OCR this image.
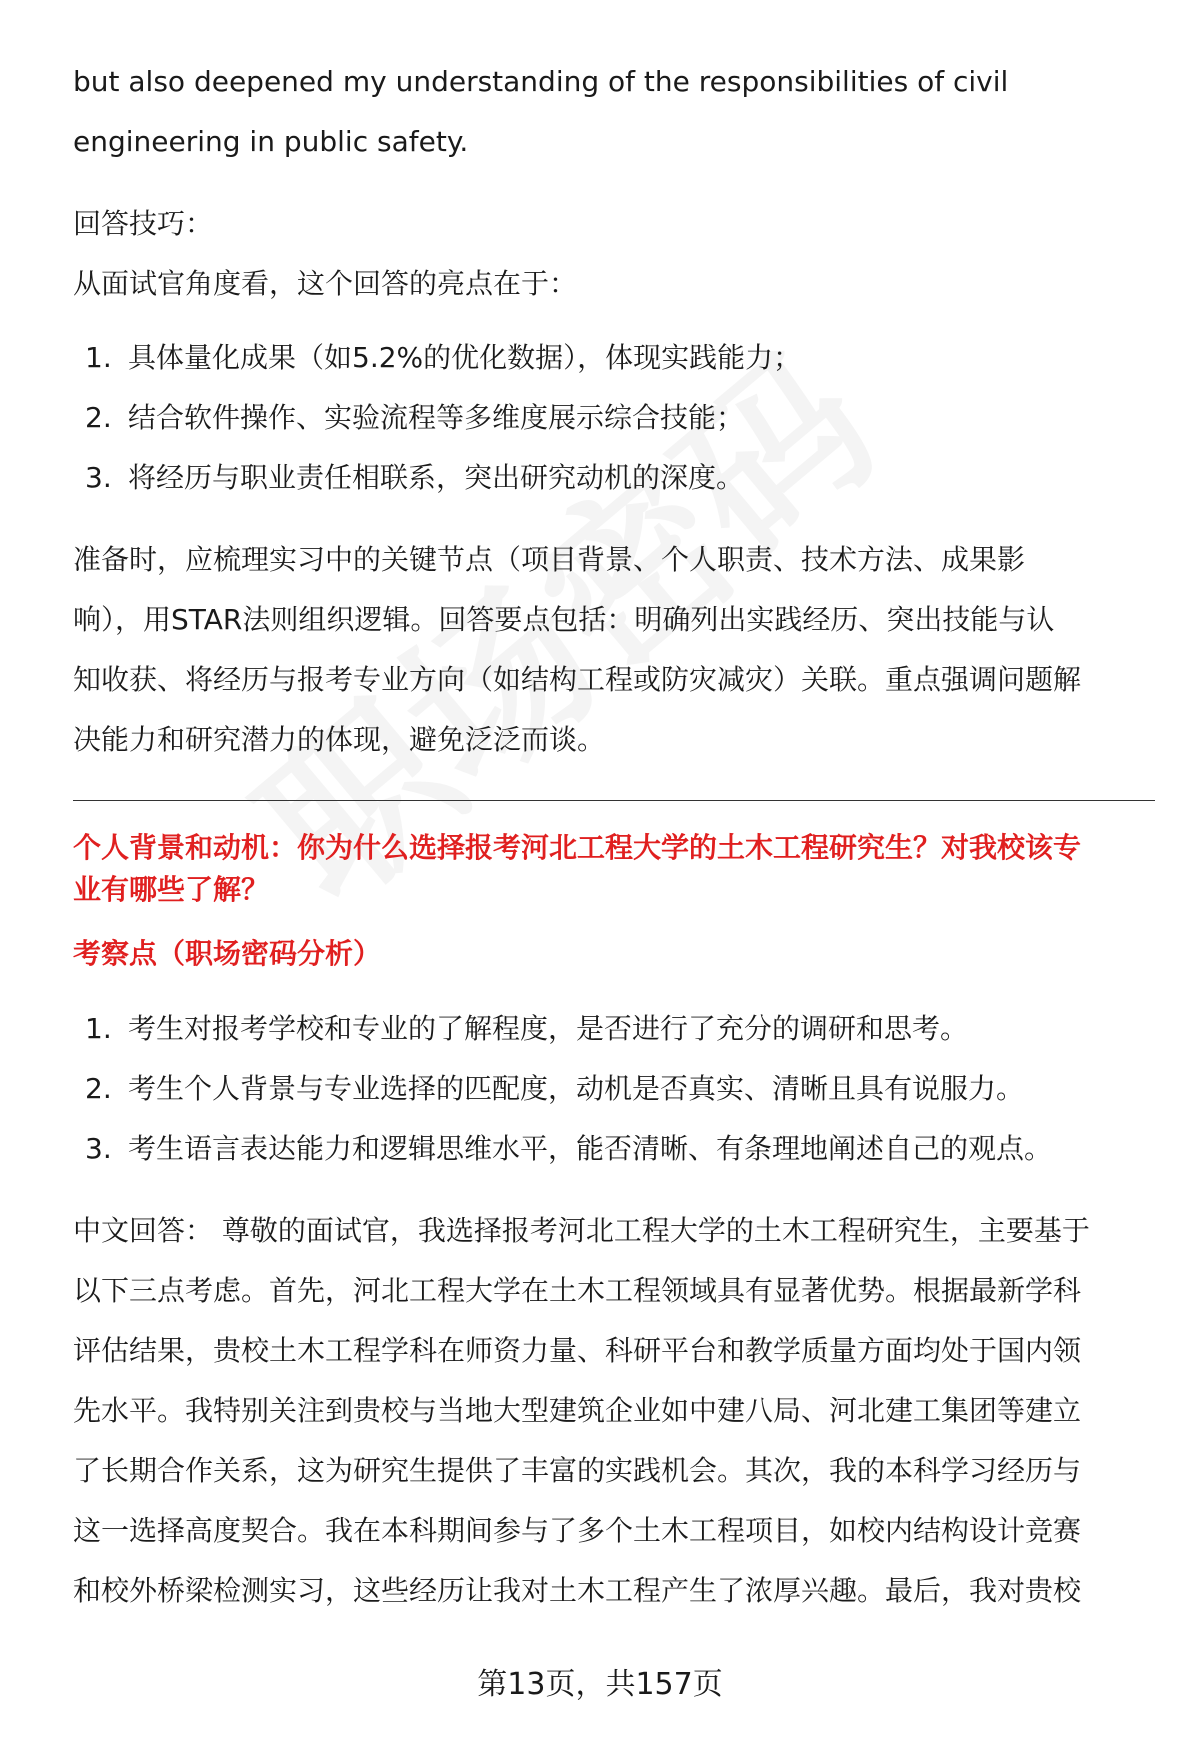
but also deepened my understanding of the responsibilities of civil

engineering in public safety.

回答技巧：

从面试官角度看，这个回答的亮点在于：

1. 具体量化成果（如5.2%的优化数据），体现实践能力；
2. 结合软件操作、实验流程等多维度展示综合技能；
3. 将经历与职业责任相联系，突出研究动机的深度。

准备时，应梳理实习中的关键节点（项目背景、个人职责、技术方法、成果影

响），用STAR法则组织逻辑。回答要点包括：明确列出实践经历、突出技能与认

知收获、将经历与报考专业方向（如结构工程或防灾减灾）关联。重点强调问题解

决能力和研究潜力的体现，避免泛泛而谈。

个人背景和动机：你为什么选择报考河北工程大学的土木工程研究生？对我校该专

业有哪些了解？

考察点（职场密码分析）

1. 考生对报考学校和专业的了解程度，是否进行了充分的调研和思考。
2. 考生个人背景与专业选择的匹配度，动机是否真实、清晰且具有说服力。
3. 考生语言表达能力和逻辑思维水平，能否清晰、有条理地阐述自己的观点。

中文回答： 尊敬的面试官，我选择报考河北工程大学的土木工程研究生，主要基于

以下三点考虑。首先，河北工程大学在土木工程领域具有显著优势。根据最新学科

评估结果，贵校土木工程学科在师资力量、科研平台和教学质量方面均处于国内领

先水平。我特别关注到贵校与当地大型建筑企业如中建八局、河北建工集团等建立

了长期合作关系，这为研究生提供了丰富的实践机会。其次，我的本科学习经历与

这一选择高度契合。我在本科期间参与了多个土木工程项目，如校内结构设计竞赛

和校外桥梁检测实习，这些经历让我对土木工程产生了浓厚兴趣。最后，我对贵校

第13页，共157页
